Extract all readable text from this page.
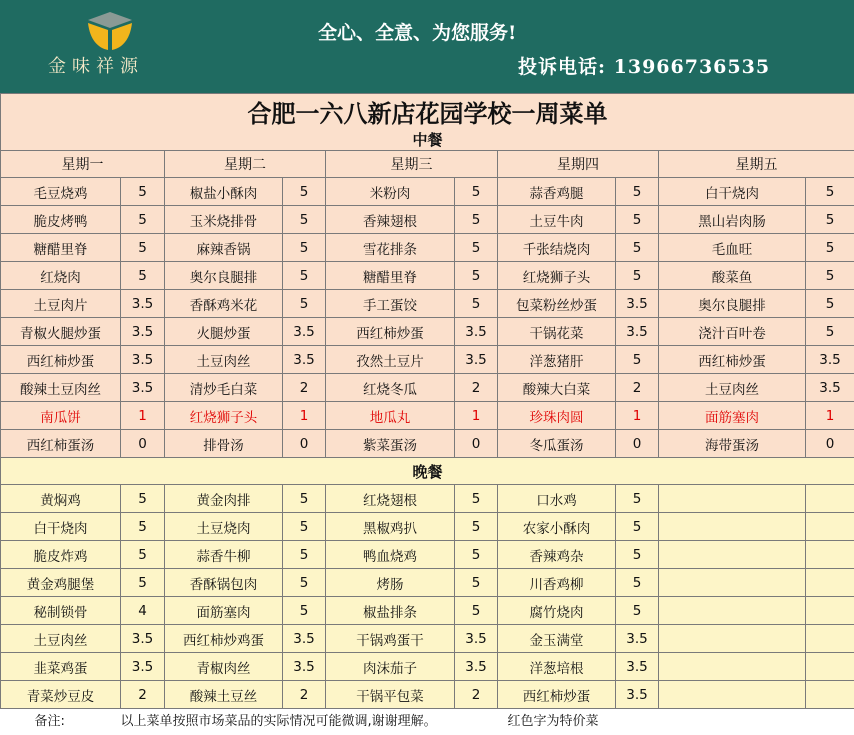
金味祥源
全心、全意、为您服务!
投诉电话: 13966736535
合肥一六八新店花园学校一周菜单									
中餐									
星期一		星期二		星期三		星期四		星期五	
毛豆烧鸡	5	椒盐小酥肉	5	米粉肉	5	蒜香鸡腿	5	白干烧肉	5
脆皮烤鸭	5	玉米烧排骨	5	香辣翅根	5	土豆牛肉	5	黑山岩肉肠	5
糖醋里脊	5	麻辣香锅	5	雪花排条	5	千张结烧肉	5	毛血旺	5
红烧肉	5	奥尔良腿排	5	糖醋里脊	5	红烧狮子头	5	酸菜鱼	5
土豆肉片	3.5	香酥鸡米花	5	手工蛋饺	5	包菜粉丝炒蛋	3.5	奥尔良腿排	5
青椒火腿炒蛋	3.5	火腿炒蛋	3.5	西红柿炒蛋	3.5	干锅花菜	3.5	浇汁百叶卷	5
西红柿炒蛋	3.5	土豆肉丝	3.5	孜然土豆片	3.5	洋葱猪肝	5	西红柿炒蛋	3.5
酸辣土豆肉丝	3.5	清炒毛白菜	2	红烧冬瓜	2	酸辣大白菜	2	土豆肉丝	3.5
南瓜饼	1	红烧狮子头	1	地瓜丸	1	珍珠肉圆	1	面筋塞肉	1
西红柿蛋汤	0	排骨汤	0	紫菜蛋汤	0	冬瓜蛋汤	0	海带蛋汤	0
晚餐									
黄焖鸡	5	黄金肉排	5	红烧翅根	5	口水鸡	5		
白干烧肉	5	土豆烧肉	5	黑椒鸡扒	5	农家小酥肉	5		
脆皮炸鸡	5	蒜香牛柳	5	鸭血烧鸡	5	香辣鸡杂	5		
黄金鸡腿堡	5	香酥锅包肉	5	烤肠	5	川香鸡柳	5		
秘制锁骨	4	面筋塞肉	5	椒盐排条	5	腐竹烧肉	5		
土豆肉丝	3.5	西红柿炒鸡蛋	3.5	干锅鸡蛋干	3.5	金玉满堂	3.5		
韭菜鸡蛋	3.5	青椒肉丝	3.5	肉沫茄子	3.5	洋葱培根	3.5		
青菜炒豆皮	2	酸辣土豆丝	2	干锅平包菜	2	西红柿炒蛋	3.5		
备注:	以上菜单按照市场菜品的实际情况可能微调,谢谢理解。					红色字为特价菜			
